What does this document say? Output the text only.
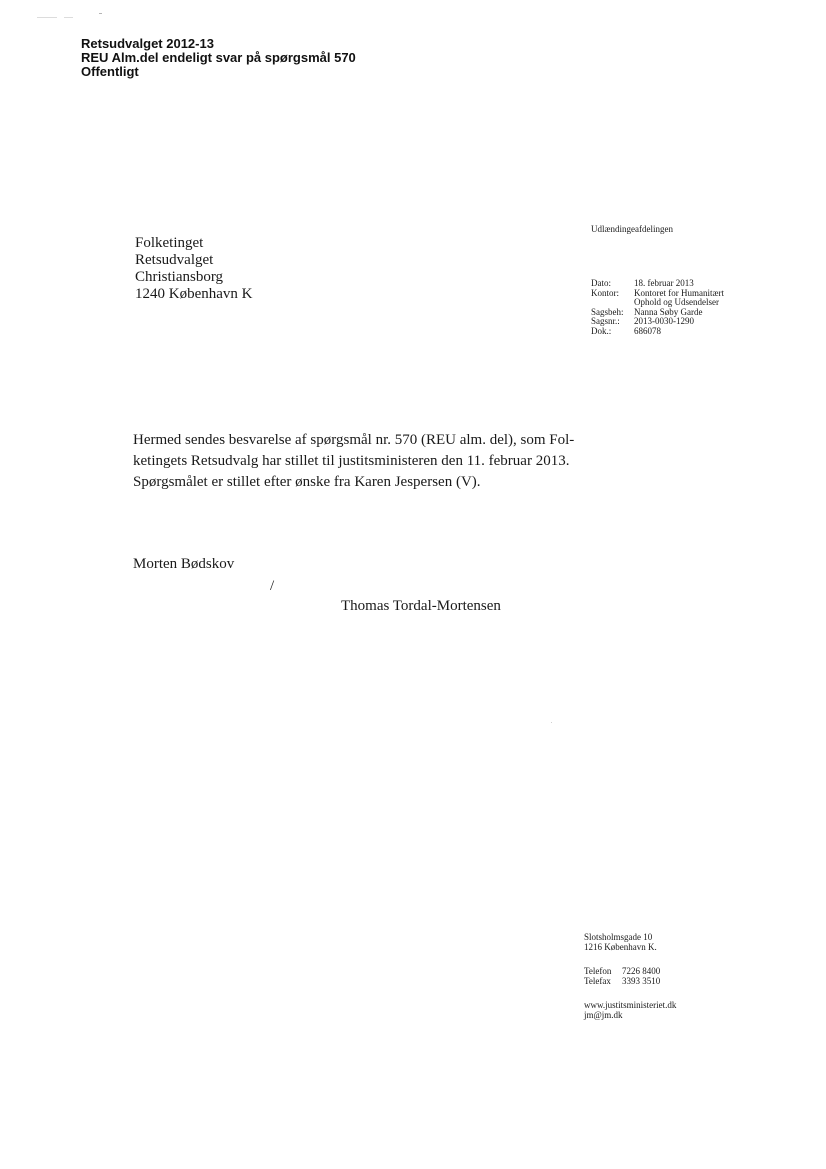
Retsudvalget 2012-13
REU Alm.del endeligt svar på spørgsmål 570
Offentligt
Folketinget
Retsudvalget
Christiansborg
1240 København K
Udlændingeafdelingen
Dato:	18. februar 2013
Kontor:	Kontoret for Humanitært
Ophold og Udsendelser
Sagsbeh:	Nanna Søby Garde
Sagsnr.:	2013-0030-1290
Dok.:	686078
Hermed sendes besvarelse af spørgsmål nr. 570 (REU alm. del), som Fol-
ketingets Retsudvalg har stillet til justitsministeren den 11. februar 2013.
Spørgsmålet er stillet efter ønske fra Karen Jespersen (V).
Morten Bødskov
/
Thomas Tordal-Mortensen
Slotsholmsgade 10
1216 København K.
Telefon	7226 8400
Telefax	3393 3510
www.justitsministeriet.dk
jm@jm.dk
